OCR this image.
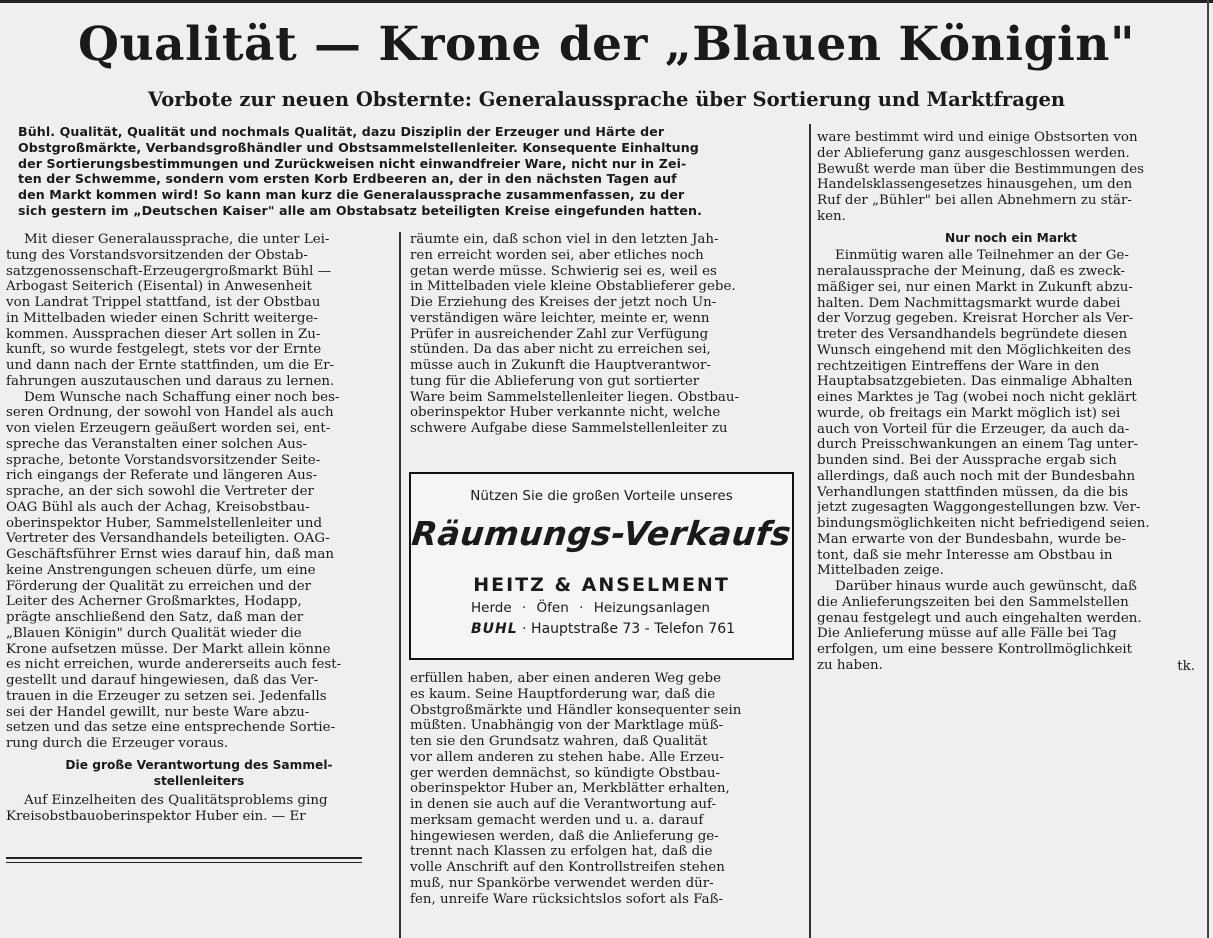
Qualität — Krone der „Blauen Königin"
Vorbote zur neuen Obsternte: Generalaussprache über Sortierung und Marktfragen
Bühl. Qualität, Qualität und nochmals Qualität, dazu Disziplin der Erzeuger und Härte der
Obstgroßmärkte, Verbandsgroßhändler und Obstsammelstellenleiter. Konsequente Einhaltung
der Sortierungsbestimmungen und Zurückweisen nicht einwandfreier Ware, nicht nur in Zei-
ten der Schwemme, sondern vom ersten Korb Erdbeeren an, der in den nächsten Tagen auf
den Markt kommen wird! So kann man kurz die Generalaussprache zusammenfassen, zu der
sich gestern im „Deutschen Kaiser" alle am Obstabsatz beteiligten Kreise eingefunden hatten.
Mit dieser Generalaussprache, die unter Lei-
tung des Vorstandsvorsitzenden der Obstab-
satzgenossenschaft-Erzeugergroßmarkt Bühl —
Arbogast Seiterich (Eisental) in Anwesenheit
von Landrat Trippel stattfand, ist der Obstbau
in Mittelbaden wieder einen Schritt weiterge-
kommen. Aussprachen dieser Art sollen in Zu-
kunft, so wurde festgelegt, stets vor der Ernte
und dann nach der Ernte stattfinden, um die Er-
fahrungen auszutauschen und daraus zu lernen.
Dem Wunsche nach Schaffung einer noch bes-
seren Ordnung, der sowohl von Handel als auch
von vielen Erzeugern geäußert worden sei, ent-
spreche das Veranstalten einer solchen Aus-
sprache, betonte Vorstandsvorsitzender Seite-
rich eingangs der Referate und längeren Aus-
sprache, an der sich sowohl die Vertreter der
OAG Bühl als auch der Achag, Kreisobstbau-
oberinspektor Huber, Sammelstellenleiter und
Vertreter des Versandhandels beteiligten. OAG-
Geschäftsführer Ernst wies darauf hin, daß man
keine Anstrengungen scheuen dürfe, um eine
Förderung der Qualität zu erreichen und der
Leiter des Acherner Großmarktes, Hodapp,
prägte anschließend den Satz, daß man der
„Blauen Königin" durch Qualität wieder die
Krone aufsetzen müsse. Der Markt allein könne
es nicht erreichen, wurde andererseits auch fest-
gestellt und darauf hingewiesen, daß das Ver-
trauen in die Erzeuger zu setzen sei. Jedenfalls
sei der Handel gewillt, nur beste Ware abzu-
setzen und das setze eine entsprechende Sortie-
rung durch die Erzeuger voraus.
Die große Verantwortung des Sammel-
stellenleiters
Auf Einzelheiten des Qualitätsproblems ging
Kreisobstbauoberinspektor Huber ein. — Er
räumte ein, daß schon viel in den letzten Jah-
ren erreicht worden sei, aber etliches noch
getan werde müsse. Schwierig sei es, weil es
in Mittelbaden viele kleine Obstablieferer gebe.
Die Erziehung des Kreises der jetzt noch Un-
verständigen wäre leichter, meinte er, wenn
Prüfer in ausreichender Zahl zur Verfügung
stünden. Da das aber nicht zu erreichen sei,
müsse auch in Zukunft die Hauptverantwor-
tung für die Ablieferung von gut sortierter
Ware beim Sammelstellenleiter liegen. Obstbau-
oberinspektor Huber verkannte nicht, welche
schwere Aufgabe diese Sammelstellenleiter zu
Nützen Sie die großen Vorteile unseres
Räumungs-Verkaufs
HEITZ & ANSELMENT
Herde · Öfen · Heizungsanlagen
BUHL · Hauptstraße 73 - Telefon 761
erfüllen haben, aber einen anderen Weg gebe
es kaum. Seine Hauptforderung war, daß die
Obstgroßmärkte und Händler konsequenter sein
müßten. Unabhängig von der Marktlage müß-
ten sie den Grundsatz wahren, daß Qualität
vor allem anderen zu stehen habe. Alle Erzeu-
ger werden demnächst, so kündigte Obstbau-
oberinspektor Huber an, Merkblätter erhalten,
in denen sie auch auf die Verantwortung auf-
merksam gemacht werden und u. a. darauf
hingewiesen werden, daß die Anlieferung ge-
trennt nach Klassen zu erfolgen hat, daß die
volle Anschrift auf den Kontrollstreifen stehen
muß, nur Spankörbe verwendet werden dür-
fen, unreife Ware rücksichtslos sofort als Faß-
ware bestimmt wird und einige Obstsorten von
der Ablieferung ganz ausgeschlossen werden.
Bewußt werde man über die Bestimmungen des
Handelsklassengesetzes hinausgehen, um den
Ruf der „Bühler" bei allen Abnehmern zu stär-
ken.
Nur noch ein Markt
Einmütig waren alle Teilnehmer an der Ge-
neralaussprache der Meinung, daß es zweck-
mäßiger sei, nur einen Markt in Zukunft abzu-
halten. Dem Nachmittagsmarkt wurde dabei
der Vorzug gegeben. Kreisrat Horcher als Ver-
treter des Versandhandels begründete diesen
Wunsch eingehend mit den Möglichkeiten des
rechtzeitigen Eintreffens der Ware in den
Hauptabsatzgebieten. Das einmalige Abhalten
eines Marktes je Tag (wobei noch nicht geklärt
wurde, ob freitags ein Markt möglich ist) sei
auch von Vorteil für die Erzeuger, da auch da-
durch Preisschwankungen an einem Tag unter-
bunden sind. Bei der Aussprache ergab sich
allerdings, daß auch noch mit der Bundesbahn
Verhandlungen stattfinden müssen, da die bis
jetzt zugesagten Waggongestellungen bzw. Ver-
bindungsmöglichkeiten nicht befriedigend seien.
Man erwarte von der Bundesbahn, wurde be-
tont, daß sie mehr Interesse am Obstbau in
Mittelbaden zeige.
Darüber hinaus wurde auch gewünscht, daß
die Anlieferungszeiten bei den Sammelstellen
genau festgelegt und auch eingehalten werden.
Die Anlieferung müsse auf alle Fälle bei Tag
erfolgen, um eine bessere Kontrollmöglichkeit
zu haben.	tk.
